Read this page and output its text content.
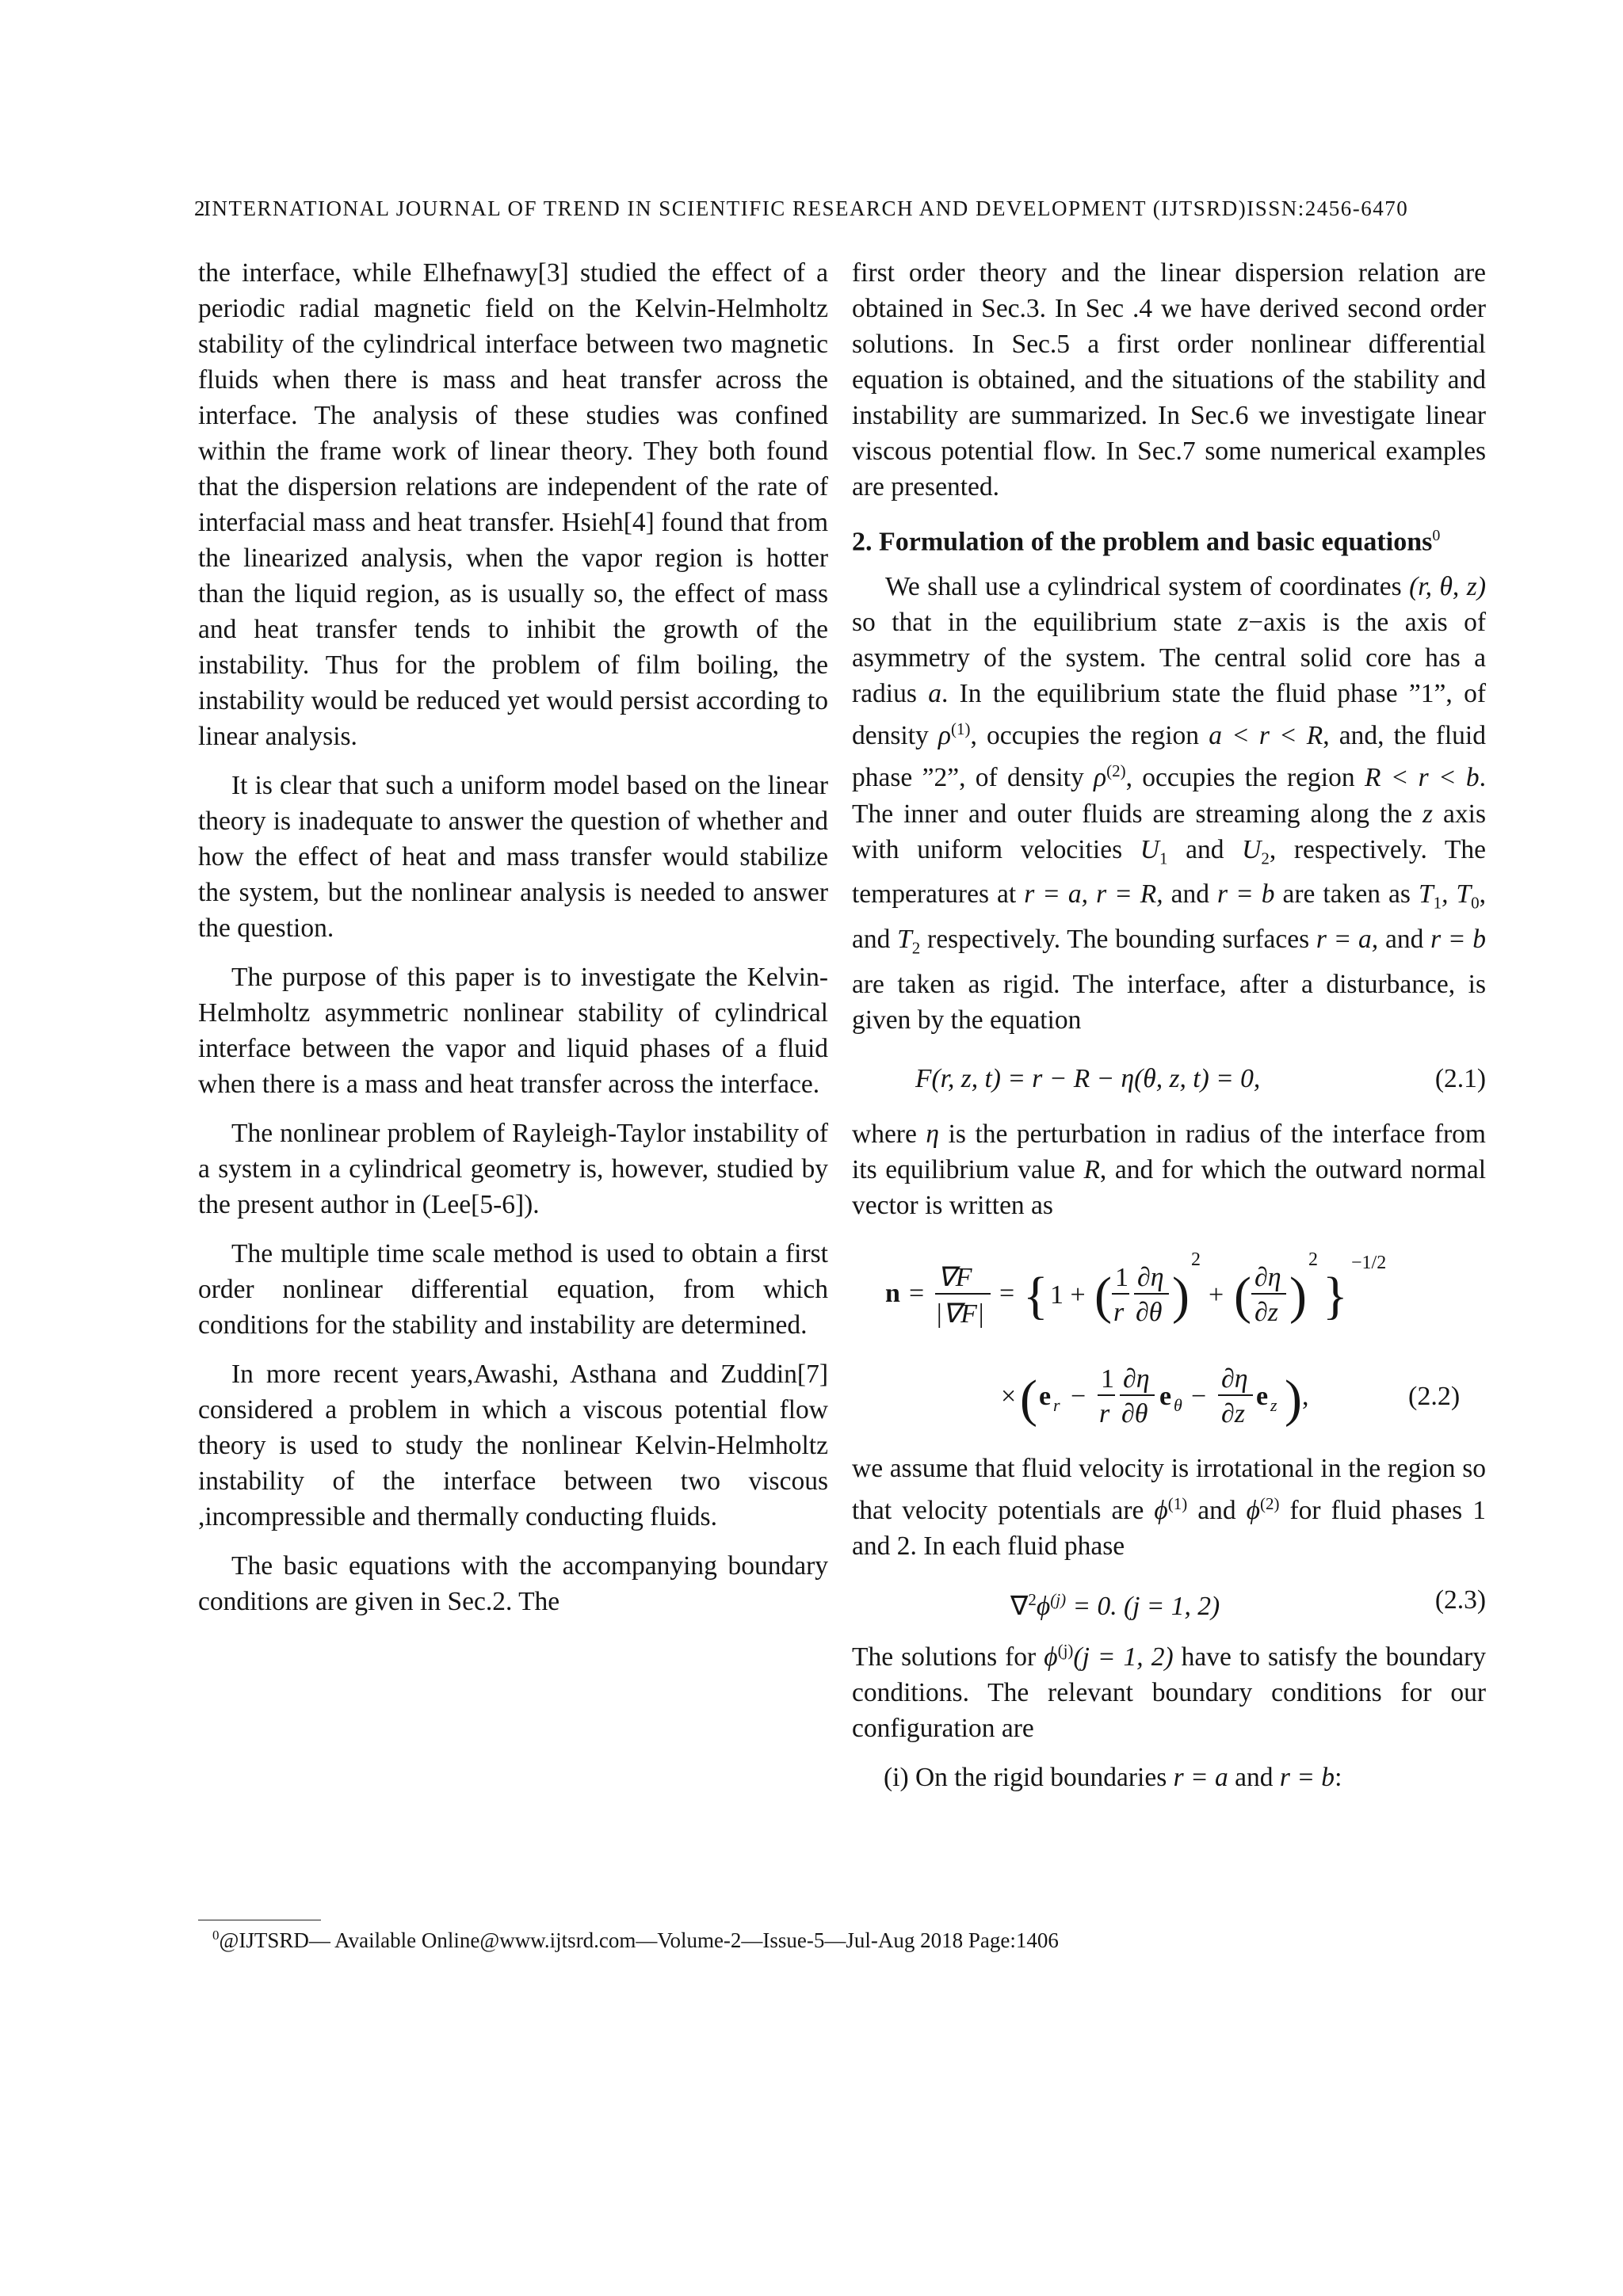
2
INTERNATIONAL JOURNAL OF TREND IN SCIENTIFIC RESEARCH AND DEVELOPMENT (IJTSRD)ISSN:2456-6470

the interface, while Elhefnawy[3] studied the effect of a periodic radial magnetic field on the Kelvin-Helmholtz stability of the cylindrical interface between two magnetic fluids when there is mass and heat transfer across the interface. The analysis of these studies was confined within the frame work of linear theory. They both found that the dispersion relations are independent of the rate of interfacial mass and heat transfer. Hsieh[4] found that from the linearized analysis, when the vapor region is hotter than the liquid region, as is usually so, the effect of mass and heat transfer tends to inhibit the growth of the instability. Thus for the problem of film boiling, the instability would be reduced yet would persist according to linear analysis.

It is clear that such a uniform model based on the linear theory is inadequate to answer the question of whether and how the effect of heat and mass transfer would stabilize the system, but the nonlinear analysis is needed to answer the question.

The purpose of this paper is to investigate the Kelvin-Helmholtz asymmetric nonlinear stability of cylindrical interface between the vapor and liquid phases of a fluid when there is a mass and heat transfer across the interface.

The nonlinear problem of Rayleigh-Taylor instability of a system in a cylindrical geometry is, however, studied by the present author in (Lee[5-6]).

The multiple time scale method is used to obtain a first order nonlinear differential equation, from which conditions for the stability and instability are determined.

In more recent years,Awashi, Asthana and Zuddin[7] considered a problem in which a viscous potential flow theory is used to study the nonlinear Kelvin-Helmholtz instability of the interface between two viscous ,incompressible and thermally conducting fluids.

The basic equations with the accompanying boundary conditions are given in Sec.2. The

first order theory and the linear dispersion relation are obtained in Sec.3. In Sec .4 we have derived second order solutions. In Sec.5 a first order nonlinear differential equation is obtained, and the situations of the stability and instability are summarized. In Sec.6 we investigate linear viscous potential flow. In Sec.7 some numerical examples are presented.

2. Formulation of the problem and basic equations$^0$

We shall use a cylindrical system of coordinates (r, θ, z) so that in the equilibrium state z−axis is the axis of asymmetry of the system. The central solid core has a radius a. In the equilibrium state the fluid phase ”1”, of density $\rho^{(1)}$, occupies the region a < r < R, and, the fluid phase ”2”, of density $\rho^{(2)}$, occupies the region R < r < b. The inner and outer fluids are streaming along the z axis with uniform velocities $U_1$ and $U_2$, respectively. The temperatures at r = a, r = R, and r = b are taken as $T_1$, $T_0$, and $T_2$ respectively. The bounding surfaces r = a, and r = b are taken as rigid. The interface, after a disturbance, is given by the equation

F(r, z, t) = r − R − η(θ, z, t) = 0,	(2.1)

where η is the perturbation in radius of the interface from its equilibrium value R, and for which the outward normal vector is written as

n =
∇F
|∇F|
= { 1 + ( 1
r
∂η
∂θ )
2
+ ( ∂η
∂z )
2
}
−1/2
× ( e r −
1
r
∂η
∂θ
e θ −
∂η
∂z
e z ) ,	(2.2)

we assume that fluid velocity is irrotational in the region so that velocity potentials are $\phi^{(1)}$ and $\phi^{(2)}$ for fluid phases 1 and 2. In each fluid phase

$\nabla^2\phi^{(j)} = 0$. (j = 1, 2)	(2.3)

The solutions for $\phi^{(j)}(j = 1$, 2) have to satisfy the boundary conditions. The relevant boundary conditions for our configuration are

(i) On the rigid boundaries r = a and r = b:

$^0$@IJTSRD— Available Online@www.ijtsrd.com—Volume-2—Issue-5—Jul-Aug 2018 Page:1406
